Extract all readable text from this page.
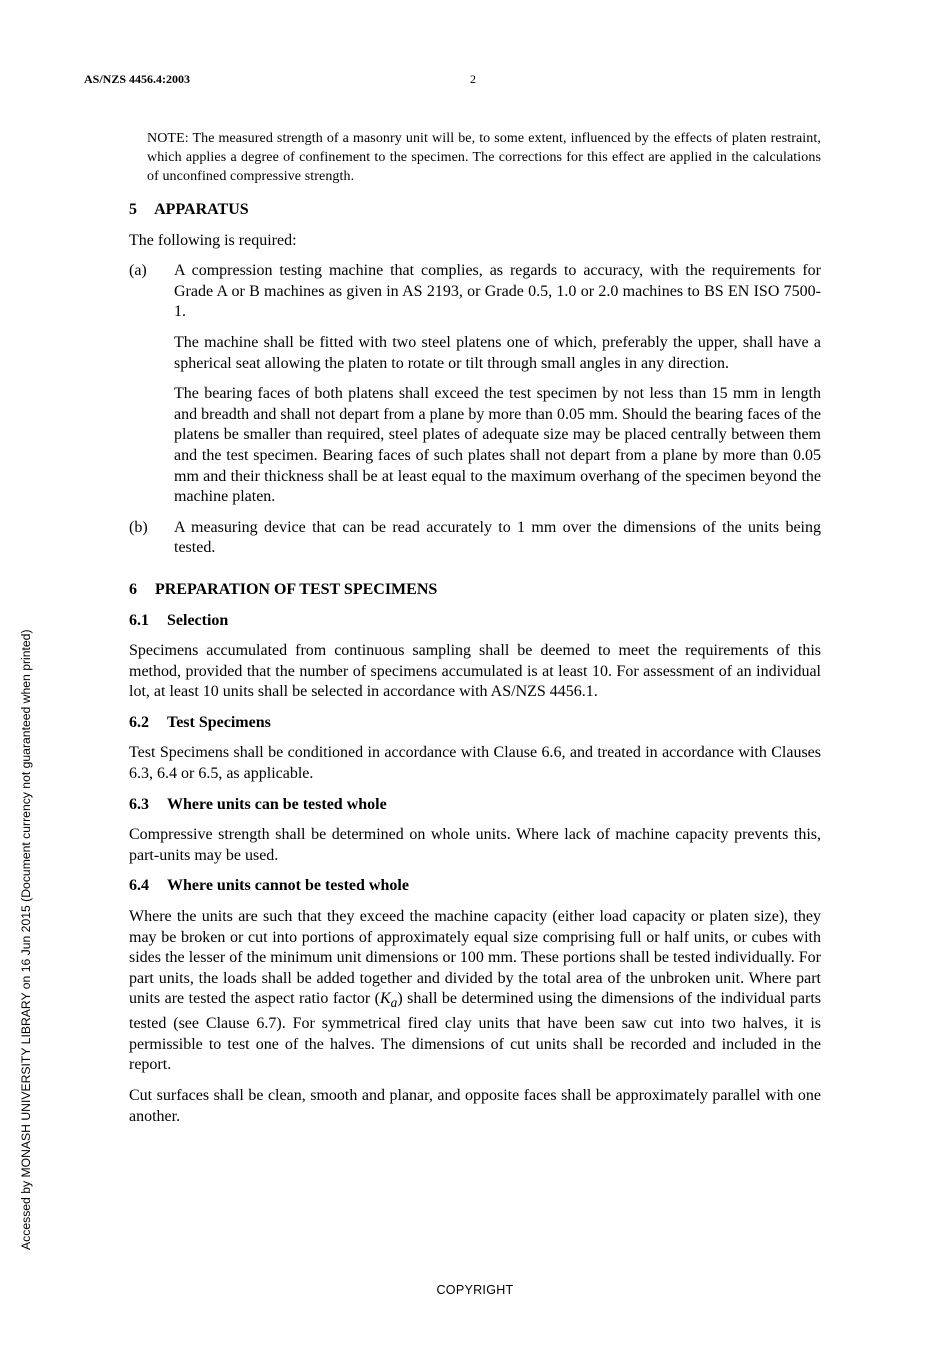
AS/NZS 4456.4:2003	2
Accessed by MONASH UNIVERSITY LIBRARY on 16 Jun 2015 (Document currency not guaranteed when printed)

NOTE: The measured strength of a masonry unit will be, to some extent, influenced by the effects of platen restraint, which applies a degree of confinement to the specimen. The corrections for this effect are applied in the calculations of unconfined compressive strength.

5 APPARATUS

The following is required:

(a)	A compression testing machine that complies, as regards to accuracy, with the requirements for Grade A or B machines as given in AS 2193, or Grade 0.5, 1.0 or 2.0 machines to BS EN ISO 7500-1.

The machine shall be fitted with two steel platens one of which, preferably the upper, shall have a spherical seat allowing the platen to rotate or tilt through small angles in any direction.

The bearing faces of both platens shall exceed the test specimen by not less than 15 mm in length and breadth and shall not depart from a plane by more than 0.05 mm. Should the bearing faces of the platens be smaller than required, steel plates of adequate size may be placed centrally between them and the test specimen. Bearing faces of such plates shall not depart from a plane by more than 0.05 mm and their thickness shall be at least equal to the maximum overhang of the specimen beyond the machine platen.

(b)	A measuring device that can be read accurately to 1 mm over the dimensions of the units being tested.

6 PREPARATION OF TEST SPECIMENS
6.1 Selection

Specimens accumulated from continuous sampling shall be deemed to meet the requirements of this method, provided that the number of specimens accumulated is at least 10. For assessment of an individual lot, at least 10 units shall be selected in accordance with AS/NZS 4456.1.

6.2 Test Specimens

Test Specimens shall be conditioned in accordance with Clause 6.6, and treated in accordance with Clauses 6.3, 6.4 or 6.5, as applicable.

6.3 Where units can be tested whole

Compressive strength shall be determined on whole units. Where lack of machine capacity prevents this, part-units may be used.

6.4 Where units cannot be tested whole

Where the units are such that they exceed the machine capacity (either load capacity or platen size), they may be broken or cut into portions of approximately equal size comprising full or half units, or cubes with sides the lesser of the minimum unit dimensions or 100 mm. These portions shall be tested individually. For part units, the loads shall be added together and divided by the total area of the unbroken unit. Where part units are tested the aspect ratio factor $(K_a)$ shall be determined using the dimensions of the individual parts tested (see Clause 6.7). For symmetrical fired clay units that have been saw cut into two halves, it is permissible to test one of the halves. The dimensions of cut units shall be recorded and included in the report.

Cut surfaces shall be clean, smooth and planar, and opposite faces shall be approximately parallel with one another.

COPYRIGHT
